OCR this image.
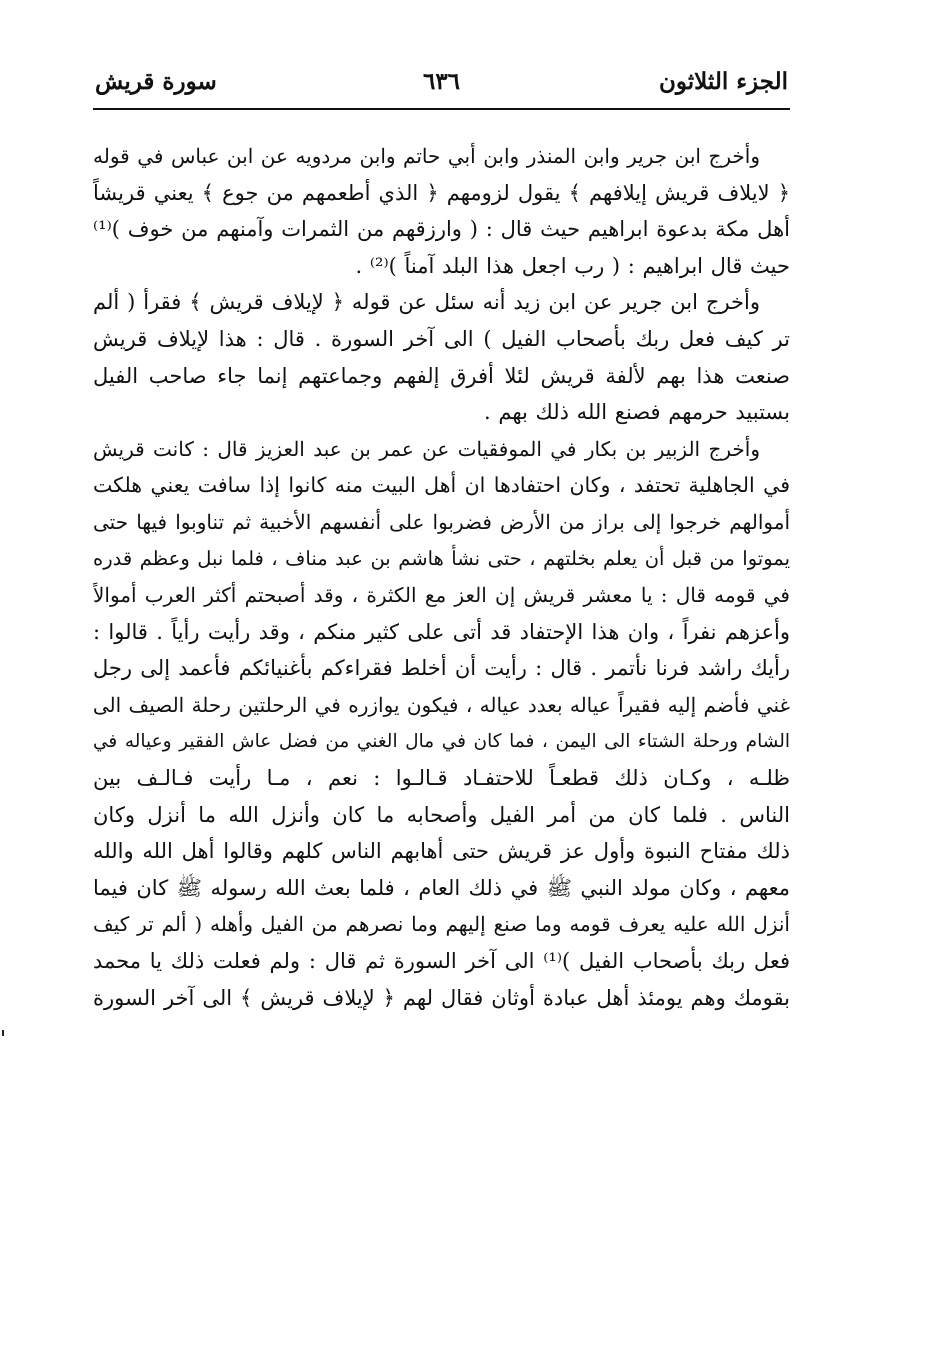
الجزء الثلاثون
٦٣٦
سورة قريش

وأخرج ابن جرير وابن المنذر وابن أبي حاتم وابن مردويه عن ابن عباس في قوله
﴿ لايلاف قريش إيلافهم ﴾ يقول لزومهم ﴿ الذي أطعمهم من جوع ﴾ يعني قريشاً
أهل مكة بدعوة ابراهيم حيث قال : ( وارزقهم من الثمرات وآمنهم من خوف )⁽¹⁾
حيث قال ابراهيم : ( رب اجعل هذا البلد آمناً )⁽²⁾ .

وأخرج ابن جرير عن ابن زيد أنه سئل عن قوله ﴿ لإيلاف قريش ﴾ فقرأ ( ألم
تر كيف فعل ربك بأصحاب الفيل ) الى آخر السورة . قال : هذا لإيلاف قريش
صنعت هذا بهم لألفة قريش لئلا أفرق إلفهم وجماعتهم إنما جاء صاحب الفيل
بستبيد حرمهم فصنع الله ذلك بهم .

وأخرج الزبير بن بكار في الموفقيات عن عمر بن عبد العزيز قال : كانت قريش
في الجاهلية تحتفد ، وكان احتفادها ان أهل البيت منه كانوا إذا سافت يعني هلكت
أموالهم خرجوا إلى براز من الأرض فضربوا على أنفسهم الأخبية ثم تناوبوا فيها حتى
يموتوا من قبل أن يعلم بخلتهم ، حتى نشأ هاشم بن عبد مناف ، فلما نبل وعظم قدره
في قومه قال : يا معشر قريش إن العز مع الكثرة ، وقد أصبحتم أكثر العرب أموالاً
وأعزهم نفراً ، وان هذا الإحتفاد قد أتى على كثير منكم ، وقد رأيت رأياً . قالوا :
رأيك راشد فرنا نأتمر . قال : رأيت أن أخلط فقراءكم بأغنيائكم فأعمد إلى رجل
غني فأضم إليه فقيراً عياله بعدد عياله ، فيكون يوازره في الرحلتين رحلة الصيف الى
الشام ورحلة الشتاء الى اليمن ، فما كان في مال الغني من فضل عاش الفقير وعياله في
ظلـه ، وكـان ذلك قطعـاً للاحتفـاد قـالـوا : نعم ، مـا رأيت فـالـف بين
الناس . فلما كان من أمر الفيل وأصحابه ما كان وأنزل الله ما أنزل وكان
ذلك مفتاح النبوة وأول عز قريش حتى أهابهم الناس كلهم وقالوا أهل الله والله
معهم ، وكان مولد النبي ﷺ في ذلك العام ، فلما بعث الله رسوله ﷺ كان فيما
أنزل الله عليه يعرف قومه وما صنع إليهم وما نصرهم من الفيل وأهله ( ألم تر كيف
فعل ربك بأصحاب الفيل )⁽¹⁾ الى آخر السورة ثم قال : ولم فعلت ذلك يا محمد
بقومك وهم يومئذ أهل عبادة أوثان فقال لهم ﴿ لإيلاف قريش ﴾ الى آخر السورة
